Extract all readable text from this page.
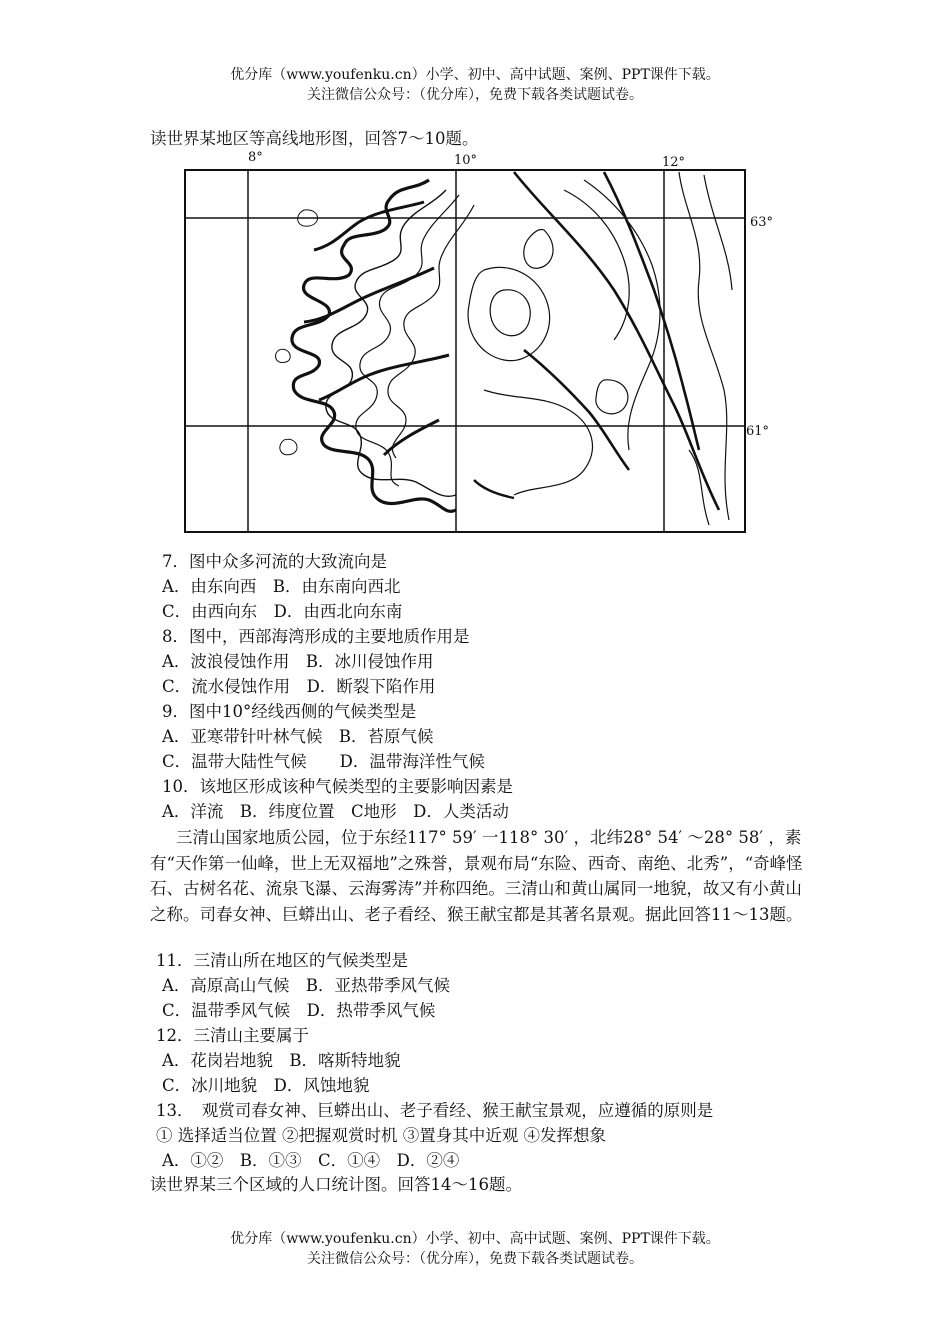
优分库（www.youfenku.cn）小学、初中、高中试题、案例、PPT课件下载。
关注微信公众号：（优分库），免费下载各类试题试卷。
读世界某地区等高线地形图，回答7～10题。
8°	10°	12°
63°
61°
7．图中众多河流的大致流向是
A．由东向西　B．由东南向西北
C．由西向东　D．由西北向东南
8．图中，西部海湾形成的主要地质作用是
A．波浪侵蚀作用　B．冰川侵蚀作用
C．流水侵蚀作用　D．断裂下陷作用
9．图中10°经线西侧的气候类型是
A．亚寒带针叶林气候　B．苔原气候
C．温带大陆性气候　　D．温带海洋性气候
10．该地区形成该种气候类型的主要影响因素是
A．洋流　B．纬度位置　C地形　D．人类活动
三清山国家地质公园，位于东经117° 59′ 一118° 30′ ，北纬28° 54′ ～28° 58′ ，素有“天作第一仙峰，世上无双福地”之殊誉，景观布局“东险、西奇、南绝、北秀”，“奇峰怪石、古树名花、流泉飞瀑、云海雾涛”并称四绝。三清山和黄山属同一地貌，故又有小黄山之称。司春女神、巨蟒出山、老子看经、猴王献宝都是其著名景观。据此回答11～13题。
11．三清山所在地区的气候类型是
A．高原高山气候　B．亚热带季风气候
C．温带季风气候　D．热带季风气候
12．三清山主要属于
A．花岗岩地貌　B．喀斯特地貌
C．冰川地貌　D．风蚀地貌
13．　观赏司春女神、巨蟒出山、老子看经、猴王献宝景观，应遵循的原则是
① 选择适当位置 ②把握观赏时机 ③置身其中近观 ④发挥想象
A．①②　B．①③　C．①④　D．②④
读世界某三个区域的人口统计图。回答14～16题。
优分库（www.youfenku.cn）小学、初中、高中试题、案例、PPT课件下载。
关注微信公众号：（优分库），免费下载各类试题试卷。
